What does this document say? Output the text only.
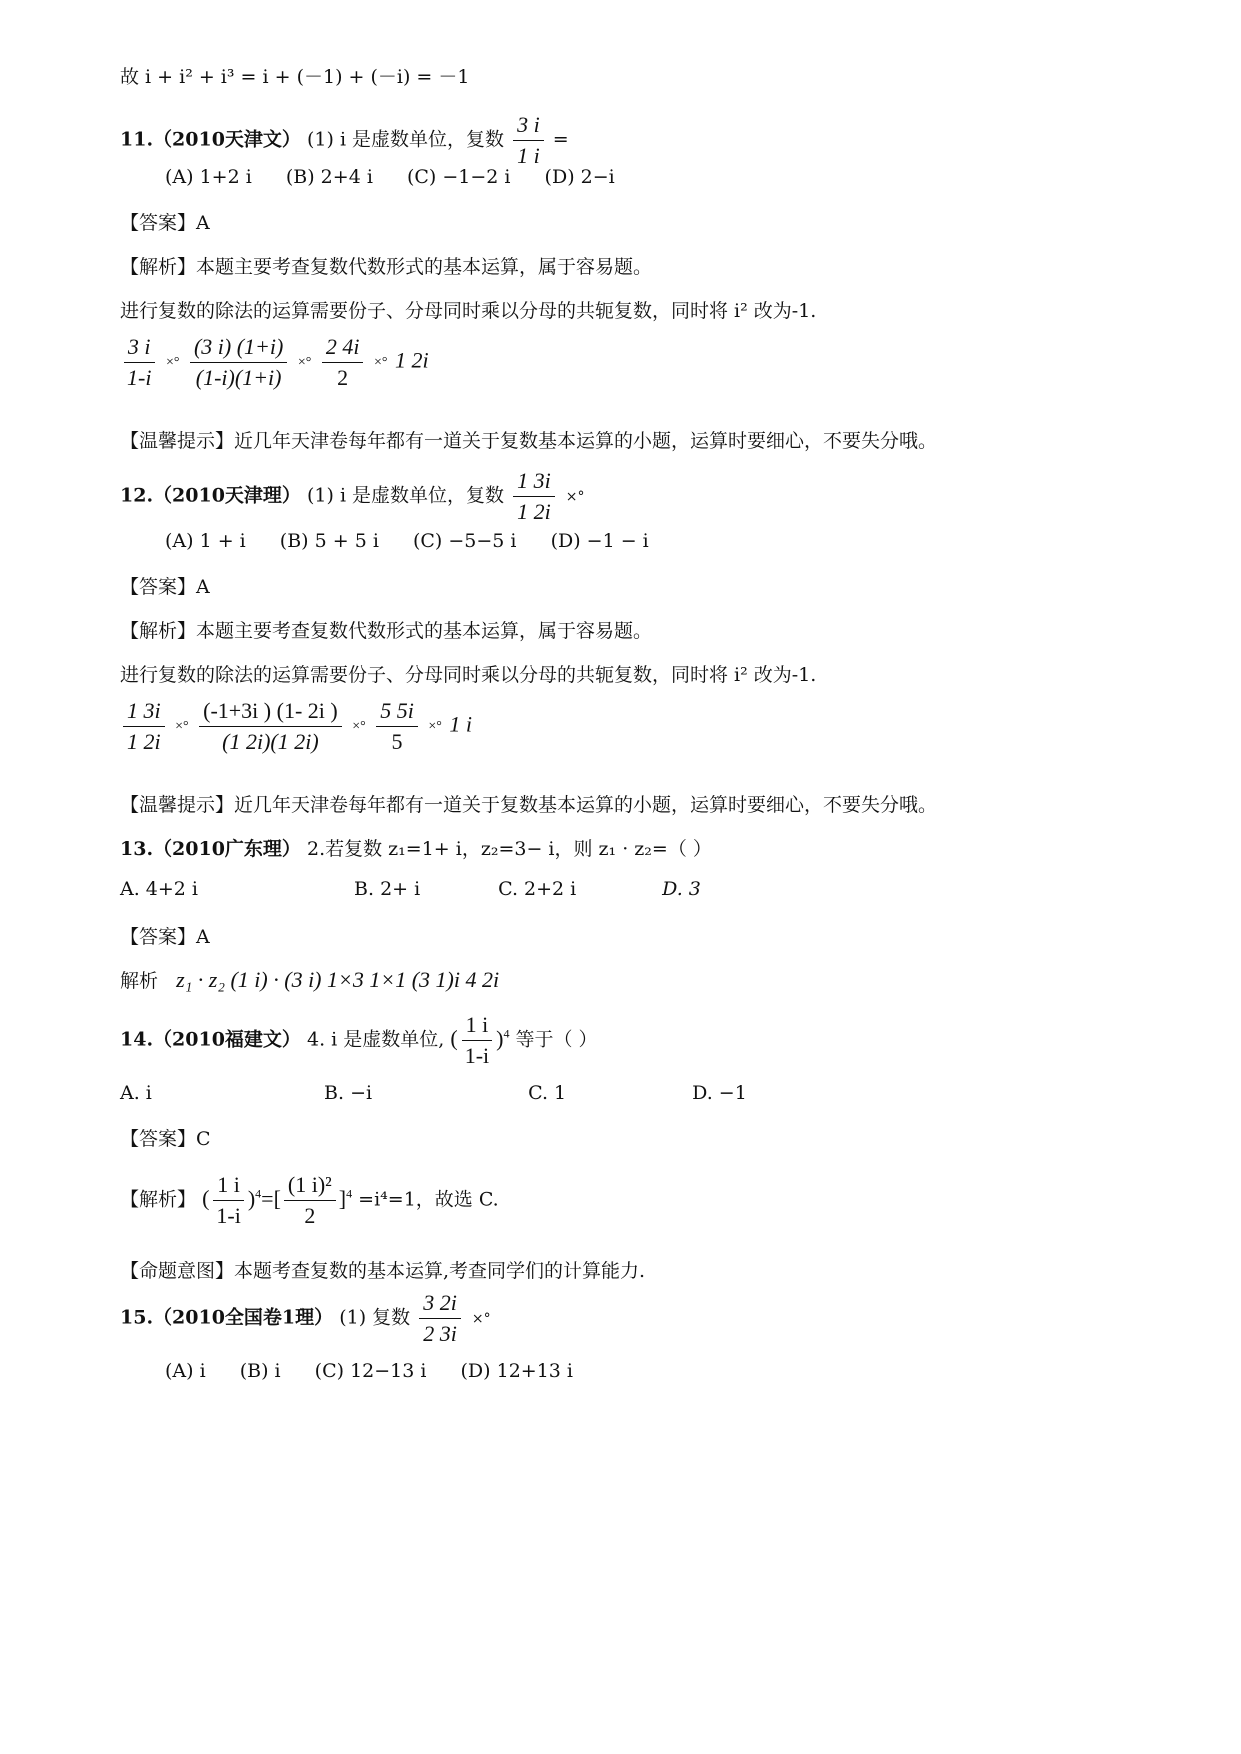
故 i + i² + i³ = i + (－1) + (－i) = －1
11.（2010天津文） (1) i 是虚数单位，复数 $\frac{3 i}{1 i}$ =
(A) 1+2 i (B) 2+4 i (C) −1−2 i (D) 2−i
【答案】A
【解析】本题主要考查复数代数形式的基本运算，属于容易题。
进行复数的除法的运算需要份子、分母同时乘以分母的共轭复数，同时将 i² 改为-1.
$\frac{3 i}{1-i}$ ×° $\frac{(3 i) (1+i)}{(1-i)(1+i)}$ ×° $\frac{2 4i}{2}$ ×° 1 2i
【温馨提示】近几年天津卷每年都有一道关于复数基本运算的小题，运算时要细心，不要失分哦。
12.（2010天津理） (1) i 是虚数单位，复数 $\frac{1 3i}{1 2i}$ ×°
(A) 1 + i (B) 5 + 5 i (C) −5−5 i (D) −1 − i
【答案】A
【解析】本题主要考查复数代数形式的基本运算，属于容易题。
进行复数的除法的运算需要份子、分母同时乘以分母的共轭复数，同时将 i² 改为-1.
$\frac{1 3i}{1 2i}$ ×° $\frac{(-1+3i ) (1- 2i )}{(1 2i)(1 2i)}$ ×° $\frac{5 5i}{5}$ ×° 1 i
【温馨提示】近几年天津卷每年都有一道关于复数基本运算的小题，运算时要细心，不要失分哦。
13.（2010广东理） 2.若复数 z₁=1+ i，z₂=3− i，则 z₁ · z₂=（ ）
A. 4+2 i	B. 2+ i	C. 2+2 i	D. 3
【答案】A
解析 z₁ · z₂ (1 i) · (3 i) 1×3 1×1 (3 1)i 4 2i
14.（2010福建文） 4. i 是虚数单位, ( $\frac{1 i}{1-i} )^4$ 等于（ ）
A. i	B. −i	C. 1	D. −1
【答案】C
【解析】 ( $\frac{1 i}{1-i} )^4=[ \frac{\text{(1 i)²}}{2} ]^4 =i^4=1$，故选 C.
【命题意图】本题考查复数的基本运算,考查同学们的计算能力.
15.（2010全国卷1理） (1) 复数 $\frac{3 2i}{2 3i}$ ×°
(A) i (B) i (C) 12−13 i (D) 12+13 i
